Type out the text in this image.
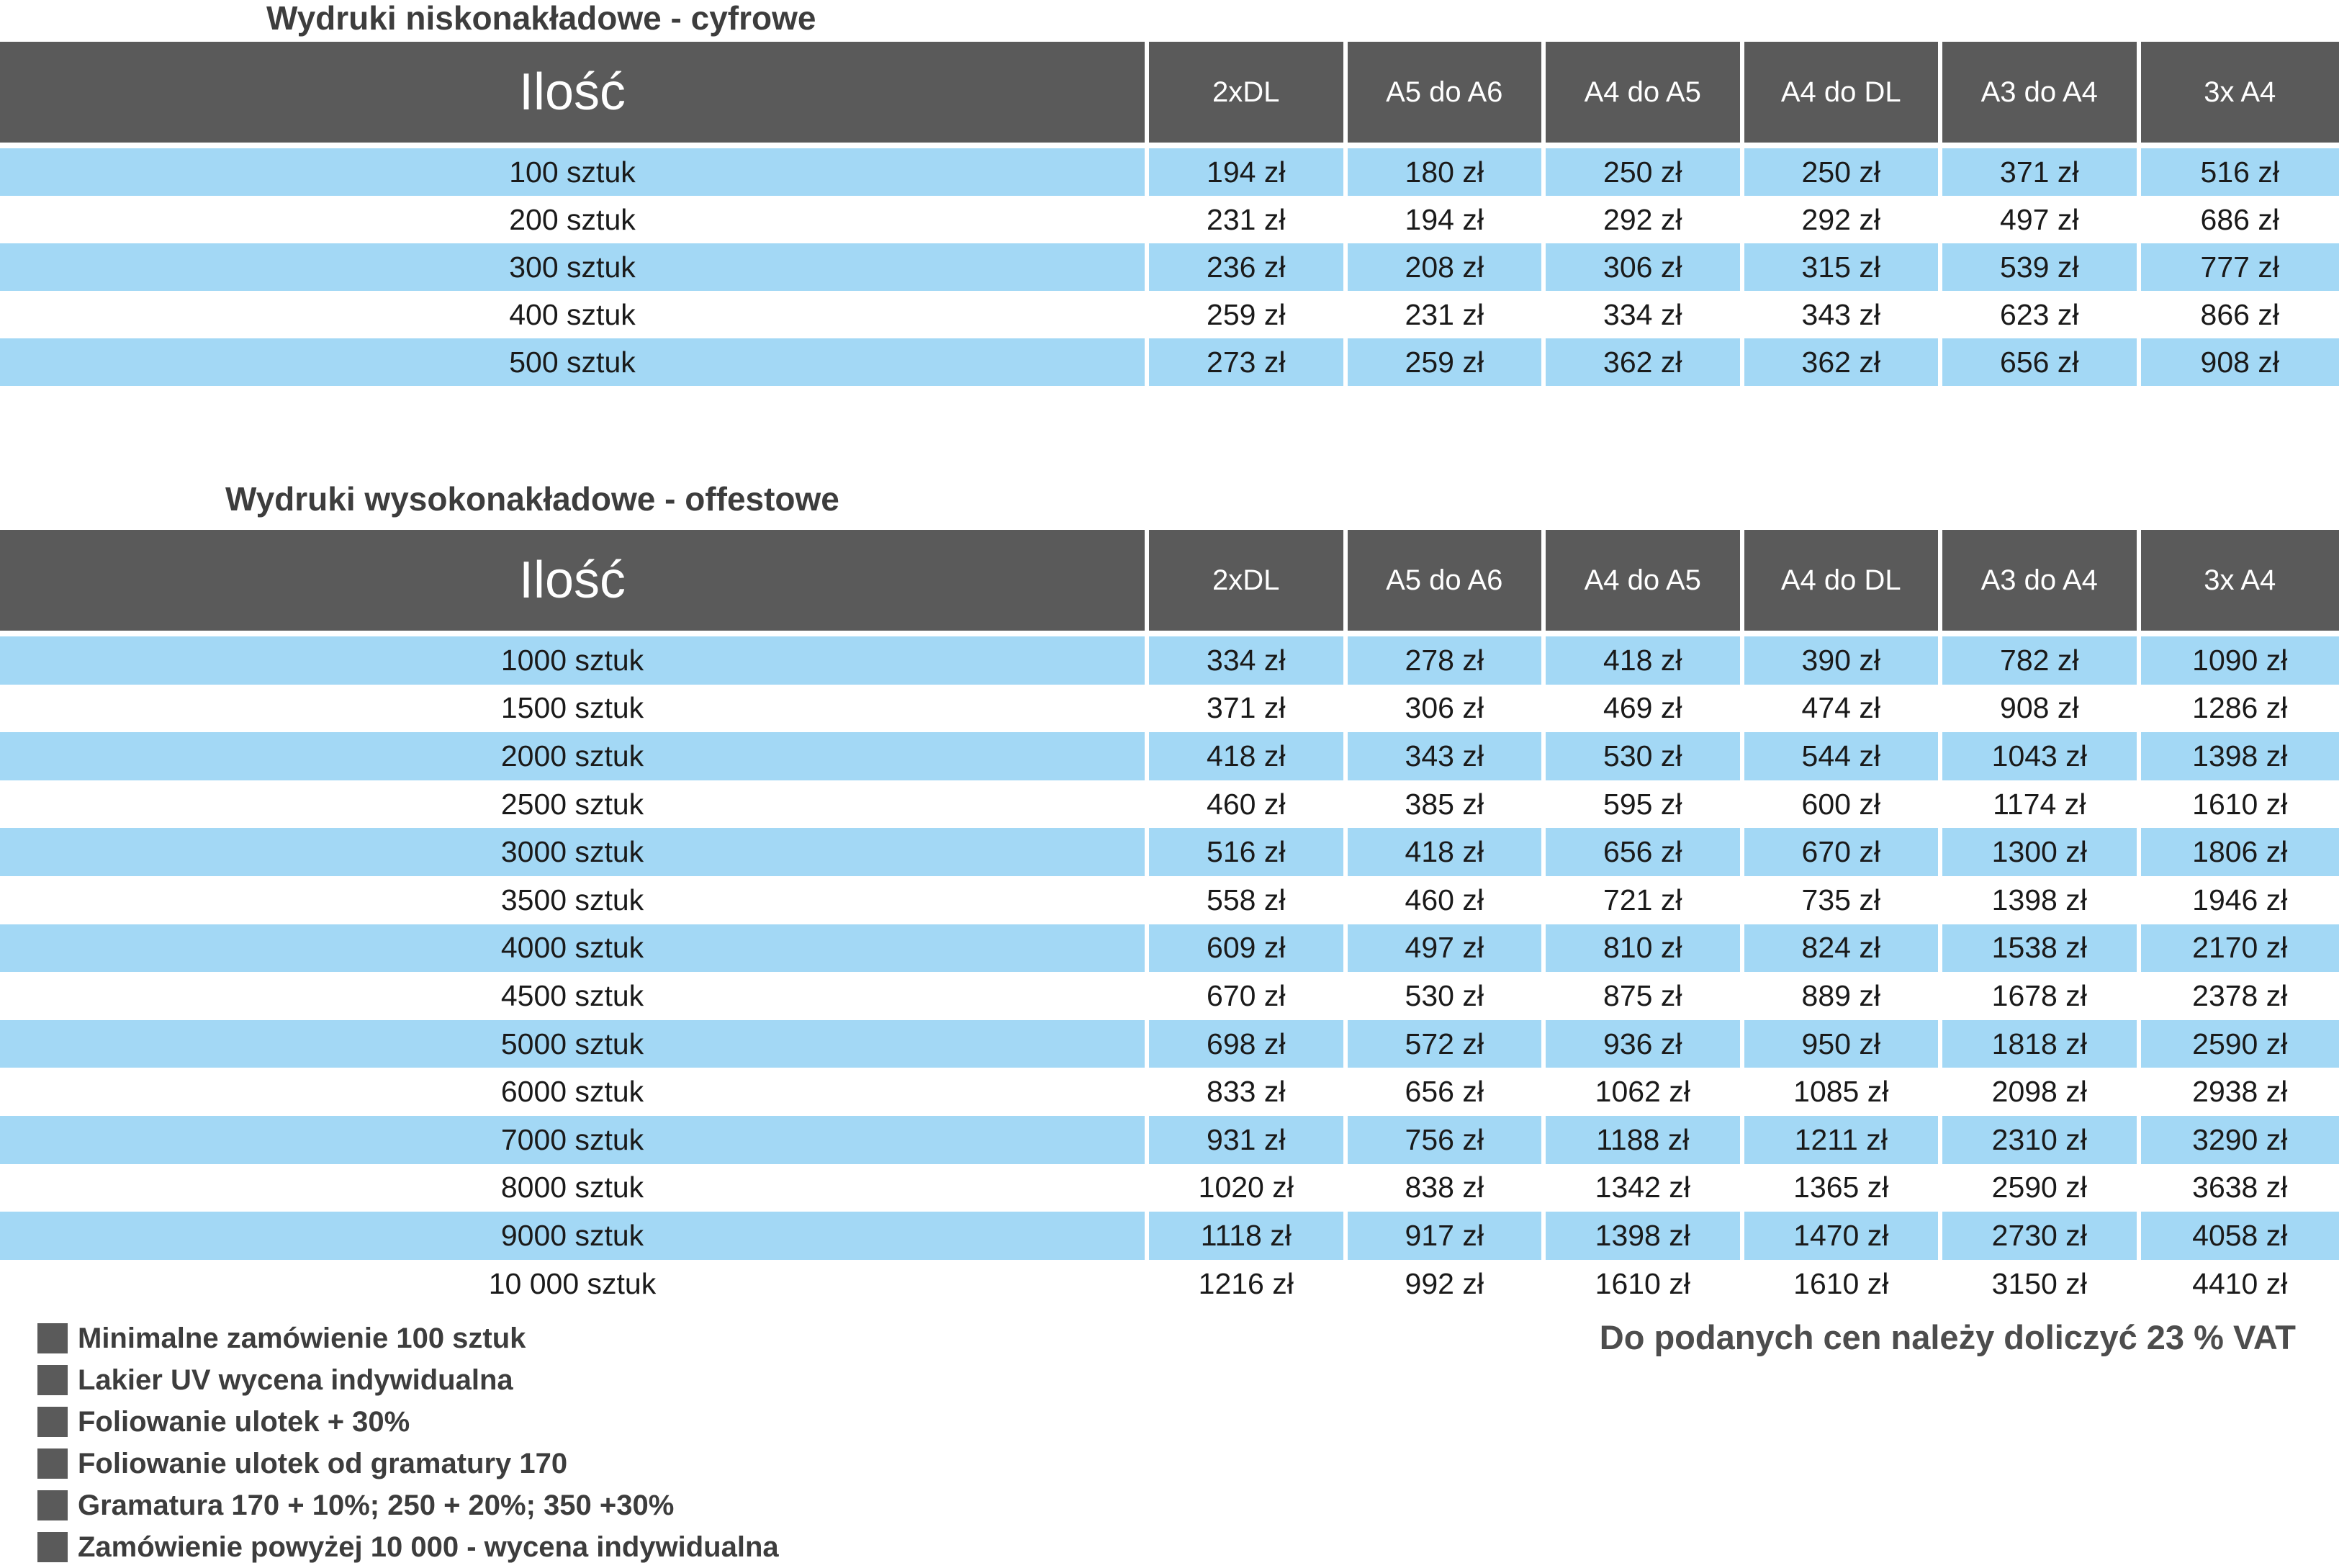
Wydruki niskonakładowe - cyfrowe
Ilość	2xDL	A5 do A6	A4 do A5	A4 do DL	A3 do A4	3x A4

100 sztuk	194 zł	180 zł	250 zł	250 zł	371 zł	516 zł
200 sztuk	231 zł	194 zł	292 zł	292 zł	497 zł	686 zł
300 sztuk	236 zł	208 zł	306 zł	315 zł	539 zł	777 zł
400 sztuk	259 zł	231 zł	334 zł	343 zł	623 zł	866 zł
500 sztuk	273 zł	259 zł	362 zł	362 zł	656 zł	908 zł
Wydruki wysokonakładowe - offestowe
Ilość	2xDL	A5 do A6	A4 do A5	A4 do DL	A3 do A4	3x A4

1000 sztuk	334 zł	278 zł	418 zł	390 zł	782 zł	1090 zł
1500 sztuk	371 zł	306 zł	469 zł	474 zł	908 zł	1286 zł
2000 sztuk	418 zł	343 zł	530 zł	544 zł	1043 zł	1398 zł
2500 sztuk	460 zł	385 zł	595 zł	600 zł	1174 zł	1610 zł
3000 sztuk	516 zł	418 zł	656 zł	670 zł	1300 zł	1806 zł
3500 sztuk	558 zł	460 zł	721 zł	735 zł	1398 zł	1946 zł
4000 sztuk	609 zł	497 zł	810 zł	824 zł	1538 zł	2170 zł
4500 sztuk	670 zł	530 zł	875 zł	889 zł	1678 zł	2378 zł
5000 sztuk	698 zł	572 zł	936 zł	950 zł	1818 zł	2590 zł
6000 sztuk	833 zł	656 zł	1062 zł	1085 zł	2098 zł	2938 zł
7000 sztuk	931 zł	756 zł	1188 zł	1211 zł	2310 zł	3290 zł
8000 sztuk	1020 zł	838 zł	1342 zł	1365 zł	2590 zł	3638 zł
9000 sztuk	1118 zł	917 zł	1398 zł	1470 zł	2730 zł	4058 zł
10 000 sztuk	1216 zł	992 zł	1610 zł	1610 zł	3150 zł	4410 zł
Minimalne zamówienie 100 sztuk
Lakier UV wycena indywidualna
Foliowanie ulotek + 30%
Foliowanie ulotek od gramatury 170
Gramatura 170 + 10%; 250 + 20%; 350 +30%
Zamówienie powyżej 10 000 - wycena indywidualna

Do podanych cen należy doliczyć 23 % VAT
